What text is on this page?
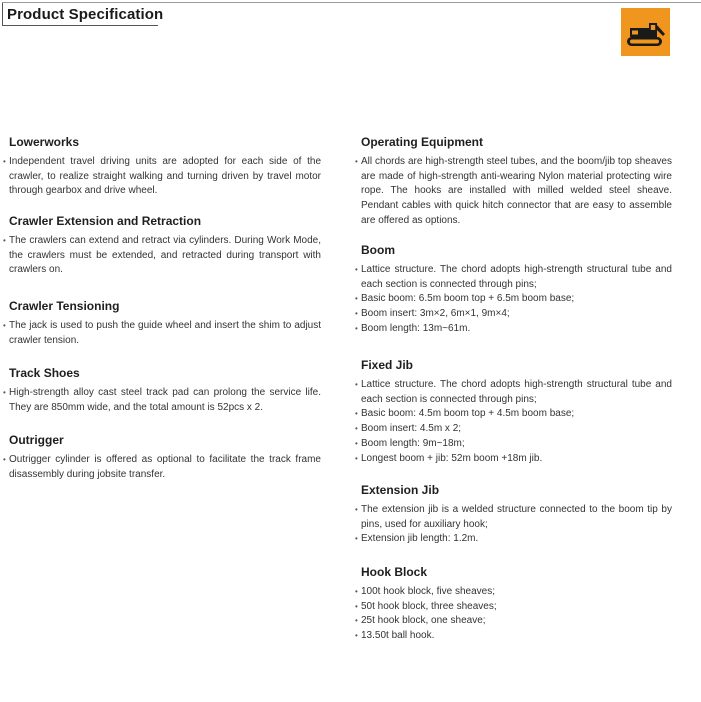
Product Specification
Lowerworks
• Independent travel driving units are adopted for each side of the crawler, to realize straight walking and turning driven by travel motor through gearbox and drive wheel.
Crawler Extension and Retraction
• The crawlers can extend and retract via cylinders. During Work Mode, the crawlers must be extended, and retracted during transport with crawlers on.
Crawler Tensioning
• The jack is used to push the guide wheel and insert the shim to adjust crawler tension.
Track Shoes
• High-strength alloy cast steel track pad can prolong the service life. They are 850mm wide, and the total amount is 52pcs x 2.
Outrigger
• Outrigger cylinder is offered as optional to facilitate the track frame disassembly during jobsite transfer.
Operating Equipment
• All chords are high-strength steel tubes, and the boom/jib top sheaves are made of high-strength anti-wearing Nylon material protecting wire rope. The hooks are installed with milled welded steel sheave. Pendant cables with quick hitch connector that are easy to assemble are offered as options.
Boom
• Lattice structure. The chord adopts high-strength structural tube and each section is connected through pins;
• Basic boom: 6.5m boom top + 6.5m boom base;
• Boom insert: 3m×2, 6m×1, 9m×4;
• Boom length: 13m~61m.
Fixed Jib
• Lattice structure. The chord adopts high-strength structural tube and each section is connected through pins;
• Basic boom: 4.5m boom top + 4.5m boom base;
• Boom insert: 4.5m x 2;
• Boom length: 9m~18m;
• Longest boom + jib: 52m boom +18m jib.
Extension Jib
• The extension jib is a welded structure connected to the boom tip by pins, used for auxiliary hook;
• Extension jib length: 1.2m.
Hook Block
• 100t hook block, five sheaves;
• 50t hook block, three sheaves;
• 25t hook block, one sheave;
• 13.50t ball hook.
